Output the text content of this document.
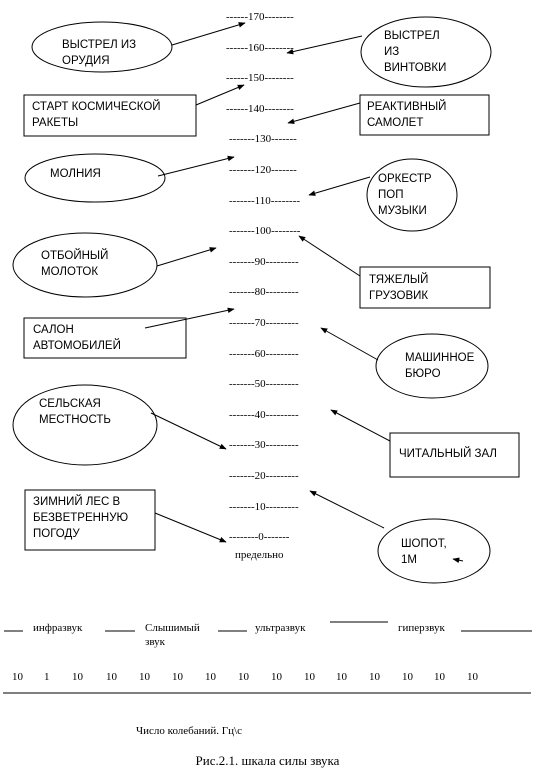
------170--------
------160--------
------150--------
------140--------
-------130-------
-------120-------
-------110--------
-------100--------
-------90---------
-------80---------
-------70---------
-------60---------
-------50---------
-------40---------
-------30---------
-------20---------
-------10---------
--------0-------
предельно
ВЫСТРЕЛ ИЗ
ОРУДИЯ
ВЫСТРЕЛ
ИЗ
ВИНТОВКИ
СТАРТ КОСМИЧЕСКОЙ
РАКЕТЫ
РЕАКТИВНЫЙ
САМОЛЕТ
МОЛНИЯ	ОРКЕСТР
ПОП
МУЗЫКИ
ОТБОЙНЫЙ
МОЛОТОК
ТЯЖЕЛЫЙ
ГРУЗОВИК
САЛОН
АВТОМОБИЛЕЙ
МАШИННОЕ
БЮРО
СЕЛЬСКАЯ
МЕСТНОСТЬ
ЧИТАЛЬНЫЙ ЗАЛ
ЗИМНИЙ ЛЕС В
БЕЗВЕТРЕННУЮ
ПОГОДУ
ШОПОТ,
1М
инфразвук	Слышимый
звук
ультразвук	гиперзвук
10 1 10 10 10 10 10 10 10 10 10 10 10 10 10
Число колебаний. Гц\с
Рис.2.1. шкала силы звука
